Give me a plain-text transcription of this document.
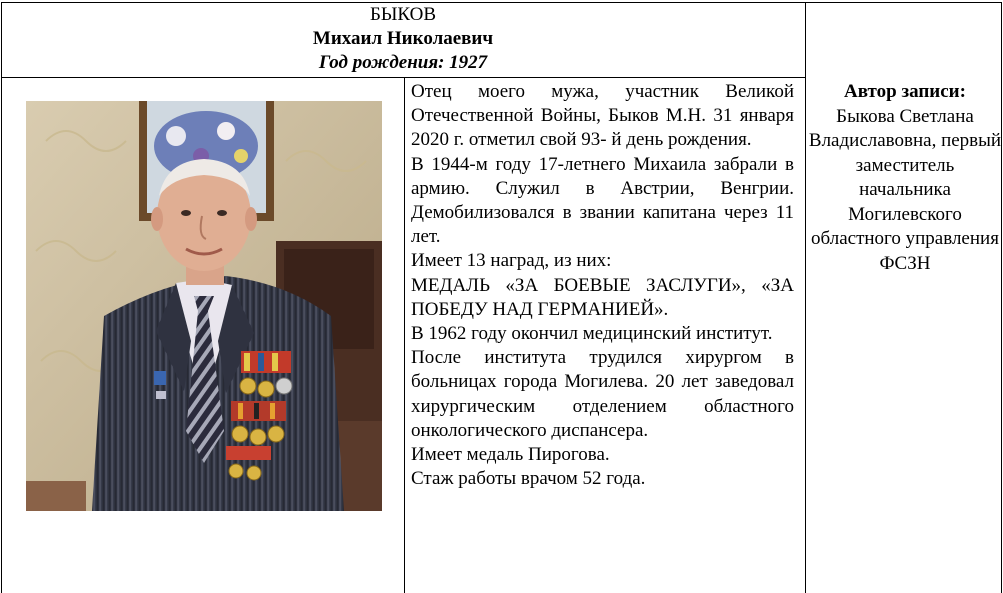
БЫКОВ
Михаил Николаевич
Год рождения: 1927

Отец моего мужа, участник Великой Отечественной Войны, Быков М.Н. 31 января 2020 г. отметил свой 93- й день рождения.

В 1944-м году 17-летнего Михаила забрали в армию. Служил в Австрии, Венгрии. Демобилизовался в звании капитана через 11 лет.

Имеет 13 наград, из них:

МЕДАЛЬ «ЗА БОЕВЫЕ ЗАСЛУГИ», «ЗА ПОБЕДУ НАД ГЕРМАНИЕЙ».

В 1962 году окончил медицинский институт.

После института трудился хирургом в больницах города Могилева. 20 лет заведовал хирургическим отделением областного онкологического диспансера.

Имеет медаль Пирогова.

Стаж работы врачом 52 года.

Автор записи:
Быкова Светлана Владиславовна, первый заместитель начальника Могилевского областного управления ФСЗН
